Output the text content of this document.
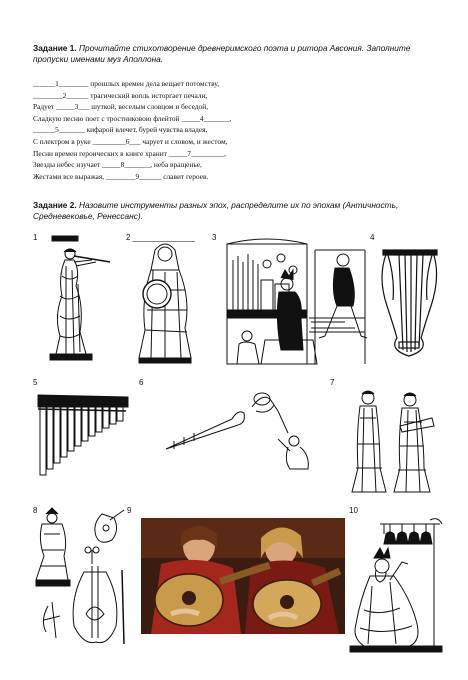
Задание 1. Прочитайте стихотворение древнеримского поэта и ритора Авсония. Заполните пропуски именами муз Аполлона.

______1________ прошлых времен дела вещает потомству,
________2______ трагический вопль исторгает печали,
Радует _____3___ шуткой, веселым словцом и беседой,
Сладкую песню поет с тростниковою флейтой _____4_______,
______5_______ кифарой влечет, бурей чувства владея,
С плектром в руке _________6___ чарует и словом, и жестом,
Песни времен героических в книге хранит _____7_________,
Звезды небес изучает _____8_______, неба вращенье,
Жестами все выражая, ________9______ славит героев.

Задание 2. Назовите инструменты разных эпох, распределите их по эпохам (Античность, Средневековье, Ренессанс).

1	2 ______________ 3	4
5	6	7
8	9	10
